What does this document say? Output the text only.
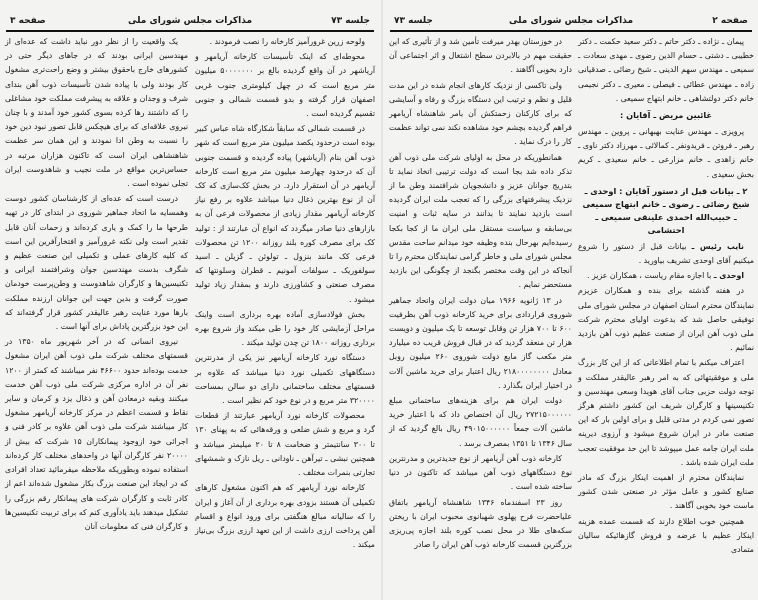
جلسه ۷۳
مذاکرات مجلس شورای ملی
صفحه ۳

ولوحه زرین غرورآمیز کارخانه را نصب فرمودند .

محوطه‌ای که اینک تأسیسات کارخانه آریامهر و آریاشهر در آن واقع گردیده بالغ بر ۵۰۰۰۰۰۰۰ میلیون متر مربع است که در چهل کیلومتری جنوب غربی اصفهان قرار گرفته و بدو قسمت شمالی و جنوبی تقسیم گردیده است .

در قسمت شمالی که سابقاً شکارگاه شاه عباس کبیر بوده است درحدود یکصد میلیون متر مربع است که شهر ذوب آهن بنام (آریاشهر) پیاده گردیده و قسمت جنوبی آن که درحدود چهارصد میلیون متر مربع است کارخانه آریامهر در آن استقرار دارد. در بخش کک‌سازی که کک آن از نوع بهترین ذغال دنیا میباشد علاوه بر رفع نیاز کارخانه آریامهر مقدار زیادی از محصولات فرعی آن به بازارهای دنیا صادر میگردد که انواع آن عبارتند از : تولید کک برای مصرف کوره بلند روزانه ۱۲۰۰ تن محصولات فرعی کک مانند بنزول ـ تولوئن ـ گزیلن ـ اسید سولفوریک ـ سولفات آمونیم ـ قطران وسلونتها که مصرف صنعتی و کشاورزی دارند و بمقدار زیاد تولید میشود .

بخش فولادسازی آماده بهره برداری است واینک مراحل آزمایشی کار خود را طی میکند واز شروع بهره برداری روزانه ۱۸۰۰ تن چدن تولید میکند .

دستگاه نورد کارخانه آریامهر نیز یکی از مدرنترین دستگاههای تکمیلی نورد دنیا میباشد که علاوه بر قسمتهای مختلف ساختمانی دارای دو سالن بمساحت ۳۲۰۰۰۰ متر مربع و در نوع خود کم نظیر است .

محصولات کارخانه نورد آریامهر عبارتند از قطعات گرد و مربع و شش ضلعی و ورقه‌هائی که به پهنای ۱۳۰ تا ۳۰۰ سانتیمتر و ضخامت ۸ تا ۲۰ میلیمتر میباشد و همچنین نبشی ـ تیرآهن ـ ناودانی ـ ریل نازک و شمشهای تجارتی بنمرات مختلف .

کارخانه نورد آریامهر که هم اکنون مشغول کارهای تکمیلی آن هستند بزودی بهره برداری از آن آغاز و ایران را که سالیانه مبالغ هنگفتی برای ورود انواع و اقسام آهن پرداخت ارزی داشت از این تعهد ارزی بزرگ بی‌نیاز میکند .

یک واقعیت را از نظر دور نباید داشت که عده‌ای از مهندسین ایرانی بودند که در جاهای دیگر حتی در کشورهای خارج باحقوق بیشتر و وضع راحت‌تری مشغول کار بودند ولی با پیاده شدن تأسیسات ذوب آهن بندای شرف و وجدان و علاقه به پیشرفت مملکت خود مشاغلی را که داشتند رها کرده بسوی کشور خود آمدند و با چنان نیروی علاقه‌ای که برای هیچکس قابل تصور نبود دین خود را نسبت به وطن ادا نمودند و این همان سر عظمت شاهنشاهی ایران است که تاکنون هزاران مرتبه در حساس‌ترین مواقع در ملت نجیب و شاهدوست ایران تجلی نموده است .

درست است که عده‌ای از کارشناسان کشور دوست وهمسایه ما اتحاد جماهیر شوروی در ابتدای کار در تهیه طرحها ما را کمک و یاری کرده‌اند و زحمات آنان قابل تقدیر است ولی نکته غرورآمیز و افتخارآفرین این است که کلیه کارهای عملی و تکمیلی این صنعت عظیم و شگرف بدست مهندسین جوان وشرافتمند ایرانی و تکنیسین‌ها و کارگران شاهدوست و وطن‌پرست خودمان صورت گرفت و بدین جهت این جوانان ارزنده مملکت بارها مورد عنایت رهبر عالیقدر کشور قرار گرفته‌اند که این خود بزرگترین پاداش برای آنها است .

نیروی انسانی که در آخر شهریور ماه ۱۳۵۰ در قسمتهای مختلف شرکت ملی ذوب آهن ایران مشغول خدمت بوده‌اند حدود ۴۶۶۰۰ نفر میباشند که کمتر از ۱۲۰۰ نفر آن در اداره مرکزی شرکت ملی ذوب آهن خدمت میکنند وبقیه درمعادن آهن و ذغال یزد و کرمان و سایر نقاط و قسمت اعظم در مرکز کارخانه آریامهر مشغول کار میباشند شرکت ملی ذوب آهن علاوه بر کادر فنی و اجرائی خود ازوجود پیمانکاران ۱۵ شرکت که بیش از ۲۰۰۰۰ نفر کارگران آنها در واحدهای مختلف کار کرده‌اند استفاده نموده وبطوریکه ملاحظه میفرمائید تعداد افرادی که در ایجاد این صنعت بزرگ بکار مشغول شده‌اند اعم از کادر ثابت و کارگران شرکت های پیمانکار رقم بزرگی را تشکیل میدهند باید یادآوری کنم که برای تربیت تکنیسین‌ها و کارگران فنی که معلومات آنان

صفحه ۲
مذاکرات مجلس شورای ملی
جلسه ۷۳

پیمان ـ نژاده ـ دکتر حاتم ـ دکتر سعید حکمت ـ دکتر خطیبی ـ دشتی ـ حسام الدین رضوی ـ مهدی سعادت ـ سمیعی ـ مهندس سهم الدینی ـ شیخ رضائی ـ صدقیانی زاده ـ مهندس عطائی ـ فیصلی ـ معیری ـ دکتر نجیمی خانم دکتر دولتشاهی ـ خانم ابتهاج سمیعی .

غائبین مریض ـ آقایان :

پرویزی ـ مهندس عنایت بهبهانی ـ پروین ـ مهندس رهبر ـ فروتن ـ فریدونفر ـ کمالائی ـ مهرزاد دکتر ناوی ـ خانم زاهدی ـ خانم مزارعی ـ خانم سعیدی ـ کریم بخش سعیدی .

۲ ـ بیانات قبل از دستور آقایان : اوحدی ـ شیخ رضائی ـ رضوی ـ خانم ابتهاج سمیعی ـ حبیب‌الله احمدی علینقی سمیعی ـ احتشامی

نایب رئیس ـ بیانات قبل از دستور را شروع میکنیم آقای اوحدی تشریف بیاورید .

اوحدی ـ با اجازه مقام ریاست ، همکاران عزیز .

در هفته گذشته برای بنده و همکاران عزیزم نمایندگان محترم استان اصفهان در مجلس شورای ملی توفیقی حاصل شد که بدعوت اولیای محترم شرکت ملی ذوب آهن ایران از صنعت عظیم ذوب آهن بازدید نمائیم .

اعتراف میکنم با تمام اطلاعاتی که از این کار بزرگ ملی و موفقیتهائی که به امر رهبر عالیقدر مملکت و توجه دولت حزبی جناب آقای هویدا وسعی مهندسین و تکنیسینها و کارگران شریف این کشور داشتم هرگز تصور نمی کردم در مدتی قلیل و برای اولین بار که این صنعت مادر در ایران شروع میشود و آرزوی دیرینه ملت ایران جامه عمل میپوشد تا این حد موفقیت تعجب ملت ایران شده باشد .

نمایندگان محترم از اهمیت اینکار بزرگ که مادر صنایع کشور و عامل مؤثر در صنعتی شدن کشور ماست خود بخوبی آگاهند .

همچنین خوب اطلاع دارند که قسمت عمده هزینه اینکار عظیم با عرضه و فروش گازهائیکه سالیان متمادی

در خوزستان بهدر میرفت تأمین شد و از تأثیری که این حقیقت مهم در بالابردن سطح اشتغال و اثر اجتماعی آن دارد بخوبی آگاهند .

ولی تاکسی از نزدیک کارهای انجام شده در این مدت قلیل و نظم و ترتیب این دستگاه بزرگ و رفاه و آسایشی که برای کارکنان زحمتکش آن بامر شاهنشاه آریامهر فراهم گردیده بچشم خود مشاهده نکند نمی تواند عظمت کار را درک نماید .

همانطوریکه در محل به اولیای شرکت ملی ذوب آهن تذکر داده شد بجا است که دولت ترتیبی اتخاذ نماید تا بتدریج جوانان عزیز و دانشجویان شرافتمند وطن ما از نزدیک پیشرفتهای بزرگی را که تعجب ملت ایران گردیده است بازدید نمایند تا بدانند در سایه ثبات و امنیت بی‌سابقه و سیاست مستقل ملی ایران ما از کجا بکجا رسیده‌ایم بهرحال بنده وظیفه خود میدانم ساحت مقدس مجلس شورای ملی و خاطر گرامی نمایندگان محترم را تا آنجاکه در این وقت مختصر بگنجد از چگونگی این بازدید مستحضر نمایم .

در ۱۳ ژانویه ۱۹۶۶ میان دولت ایران واتحاد جماهیر شوروی قراردادی برای خرید کارخانه ذوب آهن بظرفیت ۶۰۰ تا ۷۰۰ هزار تن وقابل توسعه تا یک میلیون و دویست هزار تن منعقد گردید که در قبال فروش قریب ده میلیارد متر مکعب گاز مایع دولت شوروی ۲۶۰ میلیون روبل معادل ۲۱۸۰۰۰۰۰۰۰۰ ریال اعتبار برای خرید ماشین آلات در اختیار ایران بگذارد .

دولت ایران هم برای هزینه‌های ساختمانی مبلغ ۲۷۲۱۵۰۰۰۰۰۰ ریال آن اختصاص داد که با اعتبار خرید ماشین آلات جمعاً ۴۹۰۱۵۰۰۰۰۰۰ ریال بالغ گردید که از سال ۱۳۴۶ تا ۱۳۵۱ بمصرف برسد .

کارخانه ذوب آهن آریامهر از نوع جدیدترین و مدرنترین نوع دستگاههای ذوب آهن میباشد که تاکنون در دنیا ساخته شده است .

روز ۲۳ اسفندماه ۱۳۴۶ شاهنشاه آریامهر باتفاق علیاحضرت فرح پهلوی شهبانوی محبوب ایران با ریختن سکه‌های طلا در محل نصب کوره بلند اجازه پی‌ریزی بزرگترین قسمت کارخانه ذوب آهن ایران را صادر
